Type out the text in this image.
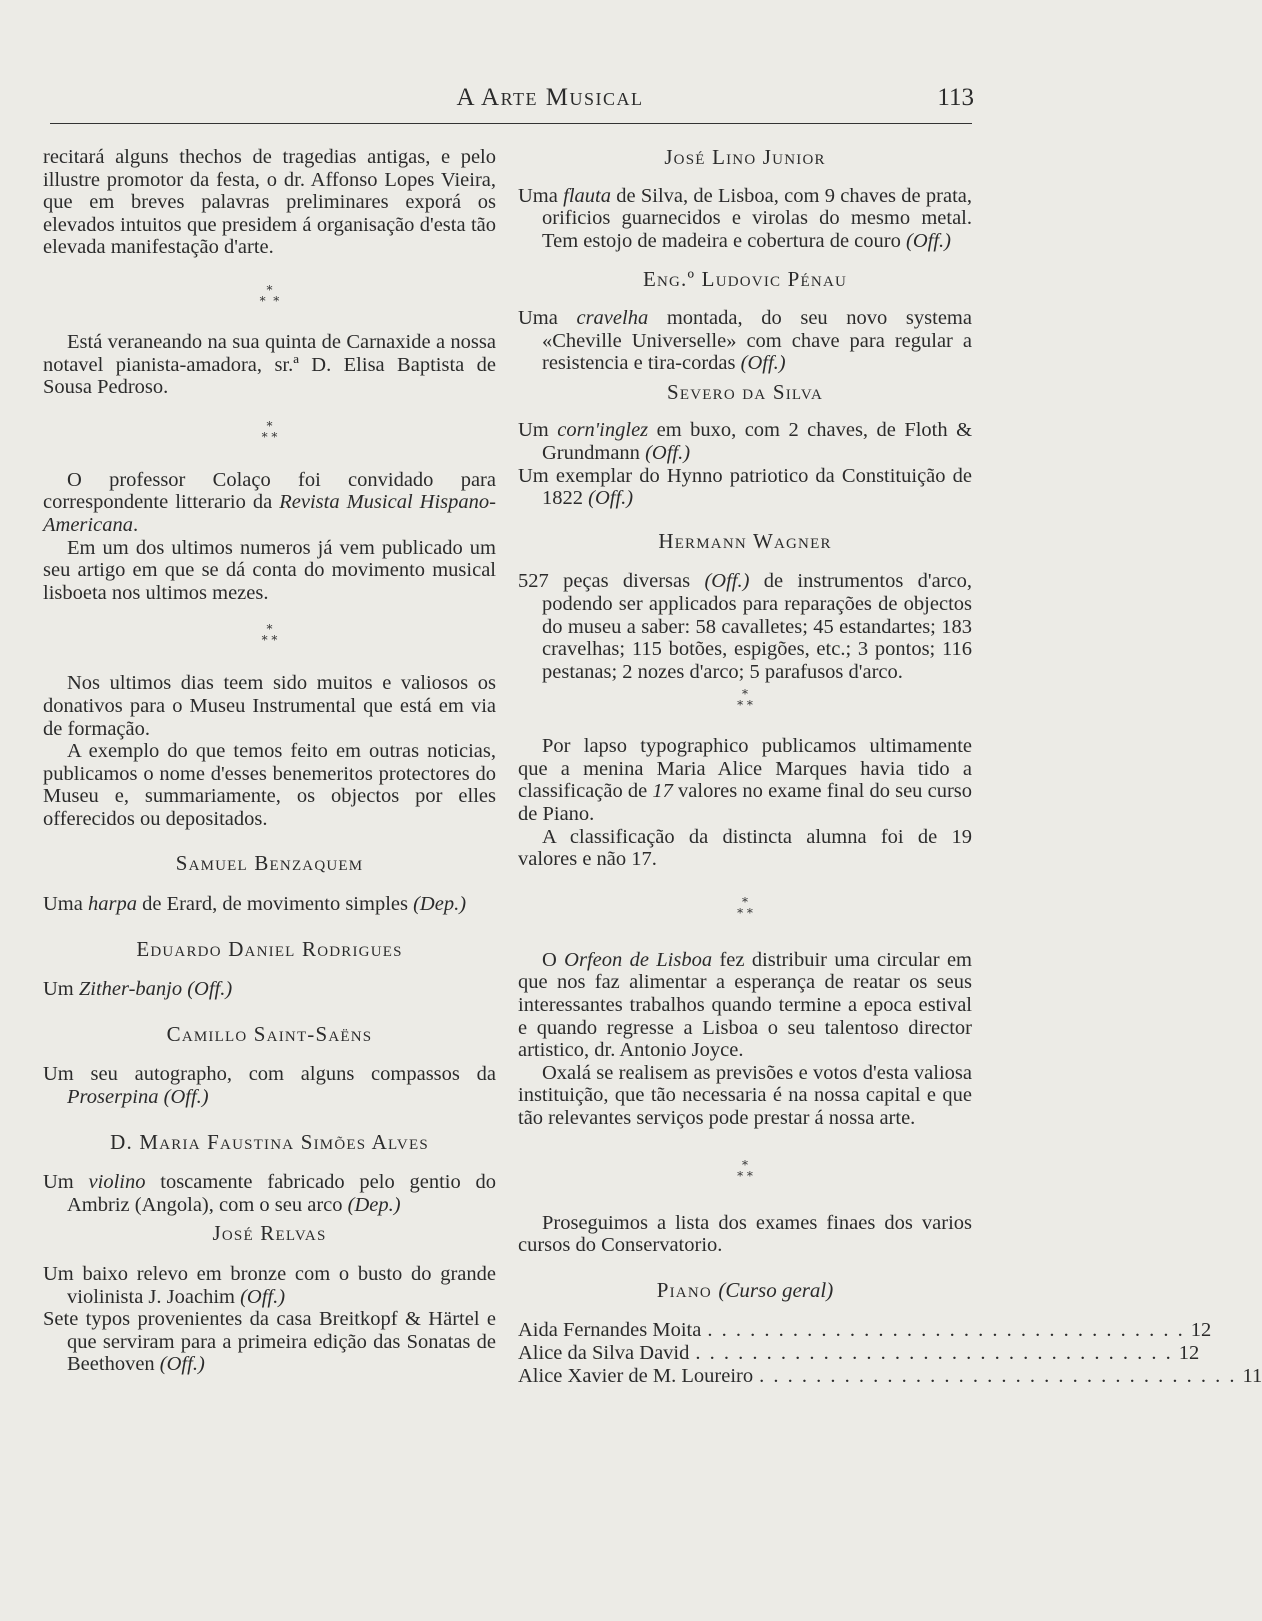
A Arte Musical	113

recitará alguns thechos de tragedias antigas, e pelo illustre promotor da festa, o dr. Affonso Lopes Vieira, que em breves palavras preliminares exporá os elevados intuitos que presidem á organisação d'esta tão elevada manifestação d'arte.

*
*  *

Está veraneando na sua quinta de Carnaxide a nossa notavel pianista-amadora, sr.ª D. Elisa Baptista de Sousa Pedroso.

*
* *

O professor Colaço foi convidado para correspondente litterario da Revista Musical Hispano-Americana.

Em um dos ultimos numeros já vem publicado um seu artigo em que se dá conta do movimento musical lisboeta nos ultimos mezes.

*
* *

Nos ultimos dias teem sido muitos e valiosos os donativos para o Museu Instrumental que está em via de formação.

A exemplo do que temos feito em outras noticias, publicamos o nome d'esses benemeritos protectores do Museu e, summariamente, os objectos por elles offerecidos ou depositados.

Samuel Benzaquem

Uma harpa de Erard, de movimento simples (Dep.)

Eduardo Daniel Rodrigues

Um Zither-banjo (Off.)

Camillo Saint-Saëns

Um seu autographo, com alguns compassos da Proserpina (Off.)

D. Maria Faustina Simões Alves

Um violino toscamente fabricado pelo gentio do Ambriz (Angola), com o seu arco (Dep.)

José Relvas

Um baixo relevo em bronze com o busto do grande violinista J. Joachim (Off.)

Sete typos provenientes da casa Breitkopf & Härtel e que serviram para a primeira edição das Sonatas de Beethoven (Off.)

José Lino Junior

Uma flauta de Silva, de Lisboa, com 9 chaves de prata, orificios guarnecidos e virolas do mesmo metal. Tem estojo de madeira e cobertura de couro (Off.)

Eng.º Ludovic Pénau

Uma cravelha montada, do seu novo systema «Cheville Universelle» com chave para regular a resistencia e tira-cordas (Off.)

Severo da Silva

Um corn'inglez em buxo, com 2 chaves, de Floth & Grundmann (Off.)

Um exemplar do Hynno patriotico da Constituição de 1822 (Off.)

Hermann Wagner

527 peças diversas (Off.) de instrumentos d'arco, podendo ser applicados para reparações de objectos do museu a saber: 58 cavalletes; 45 estandartes; 183 cravelhas; 115 botões, espigões, etc.; 3 pontos; 116 pestanas; 2 nozes d'arco; 5 parafusos d'arco.

*
* *

Por lapso typographico publicamos ultimamente que a menina Maria Alice Marques havia tido a classificação de 17 valores no exame final do seu curso de Piano.

A classificação da distincta alumna foi de 19 valores e não 17.

*
* *

O Orfeon de Lisboa fez distribuir uma circular em que nos faz alimentar a esperança de reatar os seus interessantes trabalhos quando termine a epoca estival e quando regresse a Lisboa o seu talentoso director artistico, dr. Antonio Joyce.

Oxalá se realisem as previsões e votos d'esta valiosa instituição, que tão necessaria é na nossa capital e que tão relevantes serviços pode prestar á nossa arte.

*
* *

Proseguimos a lista dos exames finaes dos varios cursos do Conservatorio.

Piano (Curso geral)
Aida Fernandes Moita . . . . . . . . . . . . . . . . . . . . . . . . . . . . . . . . . . 12
Alice da Silva David . . . . . . . . . . . . . . . . . . . . . . . . . . . . . . . . . . 12
Alice Xavier de M. Loureiro . . . . . . . . . . . . . . . . . . . . . . . . . . . . . . . . . . 11
